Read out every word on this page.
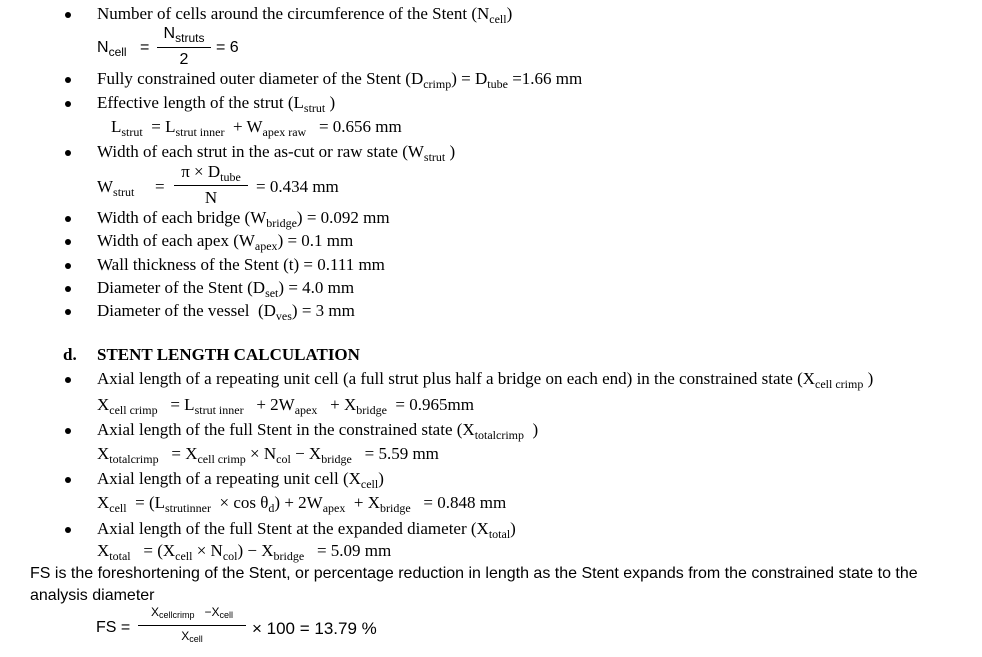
Number of cells around the circumference of the Stent $(N_{cell})$
$N_{cell}$ =
$N_{struts}$
2
= 6
Fully constrained outer diameter of the Stent $(D_{crimp}) = D_{tube} =1.66$ mm
Effective length of the strut ($L_{strut}$ )
$L_{strut} = L_{strut inner} + W_{apex raw} = 0.656$ mm
Width of each strut in the as-cut or raw state ($W_{strut}$ )
$W_{strut}$ =
$\pi \times D_{tube}$
N
= 0.434 mm
Width of each bridge $(W_{bridge}) = 0.092$ mm
Width of each apex $(W_{apex}) = 0.1$ mm
Wall thickness of the Stent (t) = 0.111 mm
Diameter of the Stent $(D_{set}) = 4.0$ mm
Diameter of the vessel  $(D_{ves}) = 3$ mm
d. STENT LENGTH CALCULATION
Axial length of a repeating unit cell (a full strut plus half a bridge on each end) in the constrained state ($X_{cell crimp}$ )
$X_{cell crimp} = L_{strut inner} + 2W_{apex} + X_{bridge} = 0.965mm$
Axial length of the full Stent in the constrained state ($X_{totalcrimp}$ )
$X_{totalcrimp} = X_{cell crimp} \times N_{col} - X_{bridge} = 5.59$ mm
Axial length of a repeating unit cell $(X_{cell})$
$X_{cell} = (L_{strutinner} \times \cos \theta_d) + 2W_{apex} + X_{bridge} = 0.848$ mm
Axial length of the full Stent at the expanded diameter $(X_{total})$
$X_{total} = (X_{cell} \times N_{col}) - X_{bridge} = 5.09$ mm
FS is the foreshortening of the Stent, or percentage reduction in length as the Stent expands from the constrained state to the
analysis diameter
FS =
$X_{cellcrimp} -X_{cell}$
$X_{cell}$
× 100 = 13.79 %
